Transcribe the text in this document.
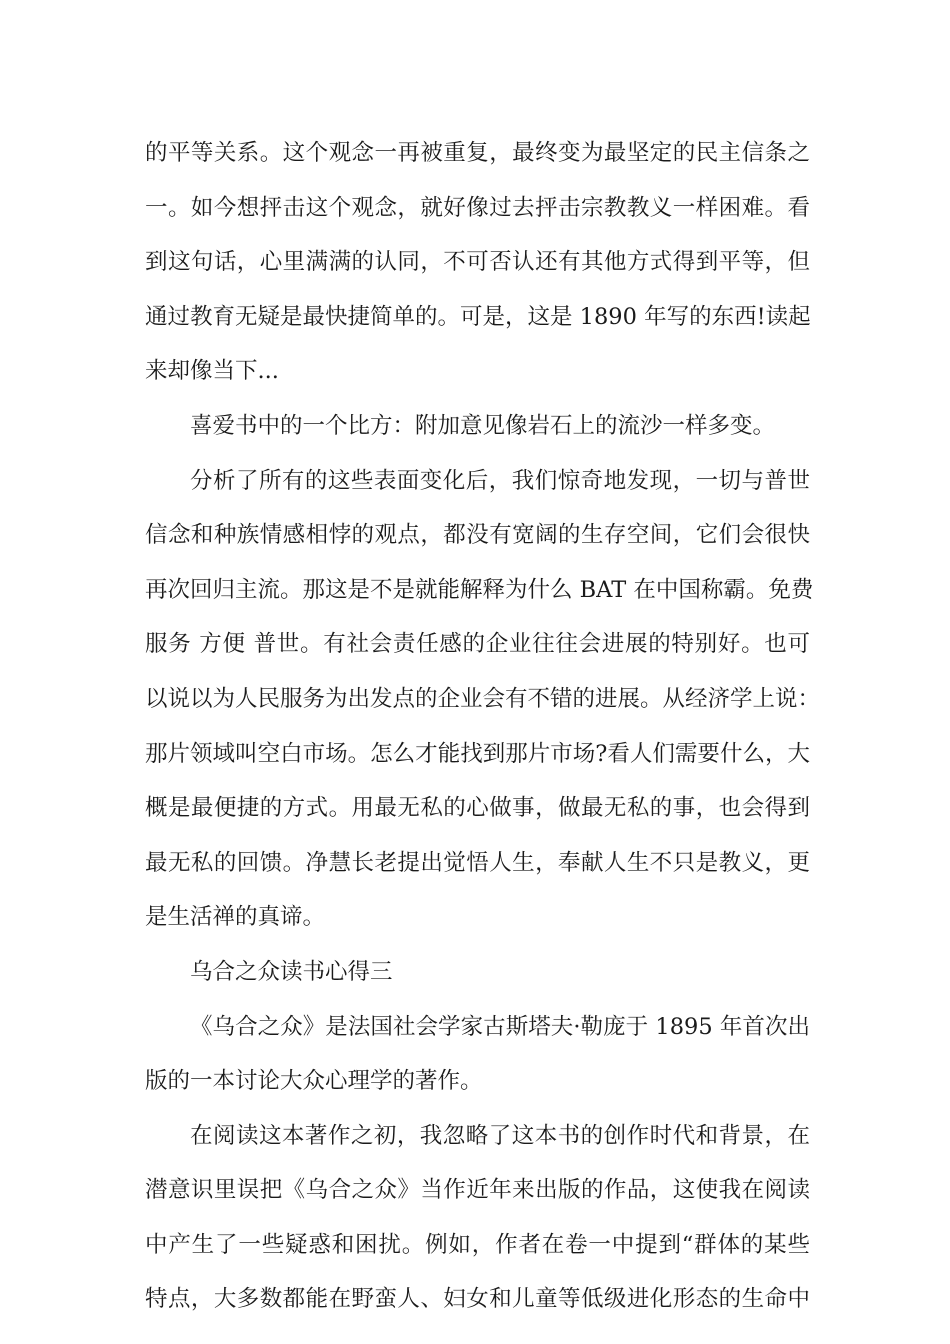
的平等关系。这个观念一再被重复，最终变为最坚定的民主信条之
一。如今想抨击这个观念，就好像过去抨击宗教教义一样困难。看
到这句话，心里满满的认同，不可否认还有其他方式得到平等，但
通过教育无疑是最快捷简单的。可是，这是 1890 年写的东西!读起
来却像当下...
喜爱书中的一个比方：附加意见像岩石上的流沙一样多变。
分析了所有的这些表面变化后，我们惊奇地发现，一切与普世
信念和种族情感相悖的观点，都没有宽阔的生存空间，它们会很快
再次回归主流。那这是不是就能解释为什么 BAT 在中国称霸。免费
服务 方便 普世。有社会责任感的企业往往会进展的特别好。也可
以说以为人民服务为出发点的企业会有不错的进展。从经济学上说：
那片领域叫空白市场。怎么才能找到那片市场?看人们需要什么，大
概是最便捷的方式。用最无私的心做事，做最无私的事，也会得到
最无私的回馈。净慧长老提出觉悟人生，奉献人生不只是教义，更
是生活禅的真谛。
乌合之众读书心得三
《乌合之众》是法国社会学家古斯塔夫·勒庞于 1895 年首次出
版的一本讨论大众心理学的著作。
在阅读这本著作之初，我忽略了这本书的创作时代和背景，在
潜意识里误把《乌合之众》当作近年来出版的作品，这使我在阅读
中产生了一些疑惑和困扰。例如，作者在卷一中提到“群体的某些
特点，大多数都能在野蛮人、妇女和儿童等低级进化形态的生命中
